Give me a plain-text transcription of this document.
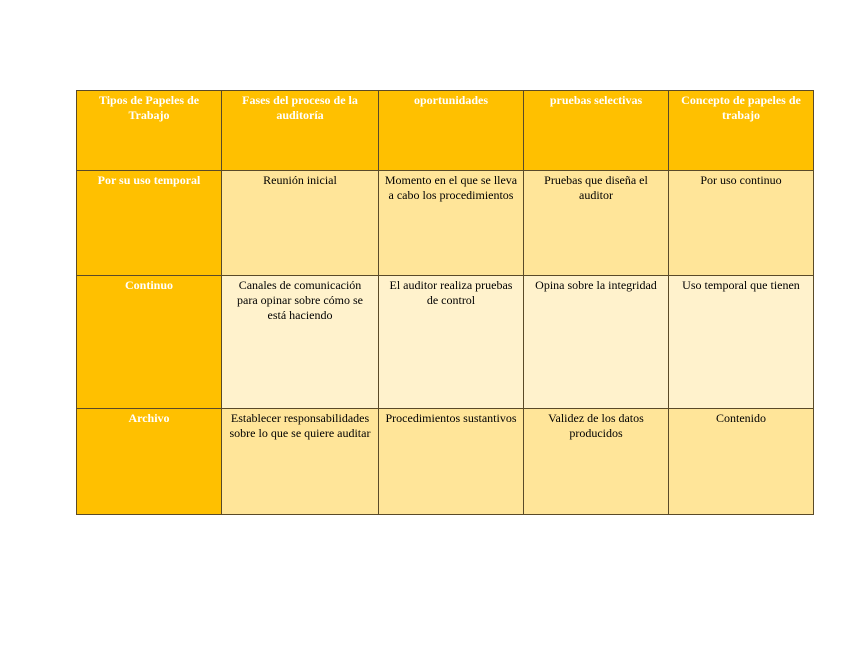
Tipos de Papeles de Trabajo	Fases del proceso de la auditoría	oportunidades	pruebas selectivas	Concepto de papeles de trabajo
Por su uso temporal	Reunión inicial	Momento en el que se lleva a cabo los procedimientos	Pruebas que diseña el auditor	Por uso continuo
Continuo	Canales de comunicación para opinar sobre cómo se está haciendo	El auditor realiza pruebas de control	Opina sobre la integridad	Uso temporal que tienen
Archivo	Establecer responsabilidades sobre lo que se quiere auditar	Procedimientos sustantivos	Validez de los datos producidos	Contenido
